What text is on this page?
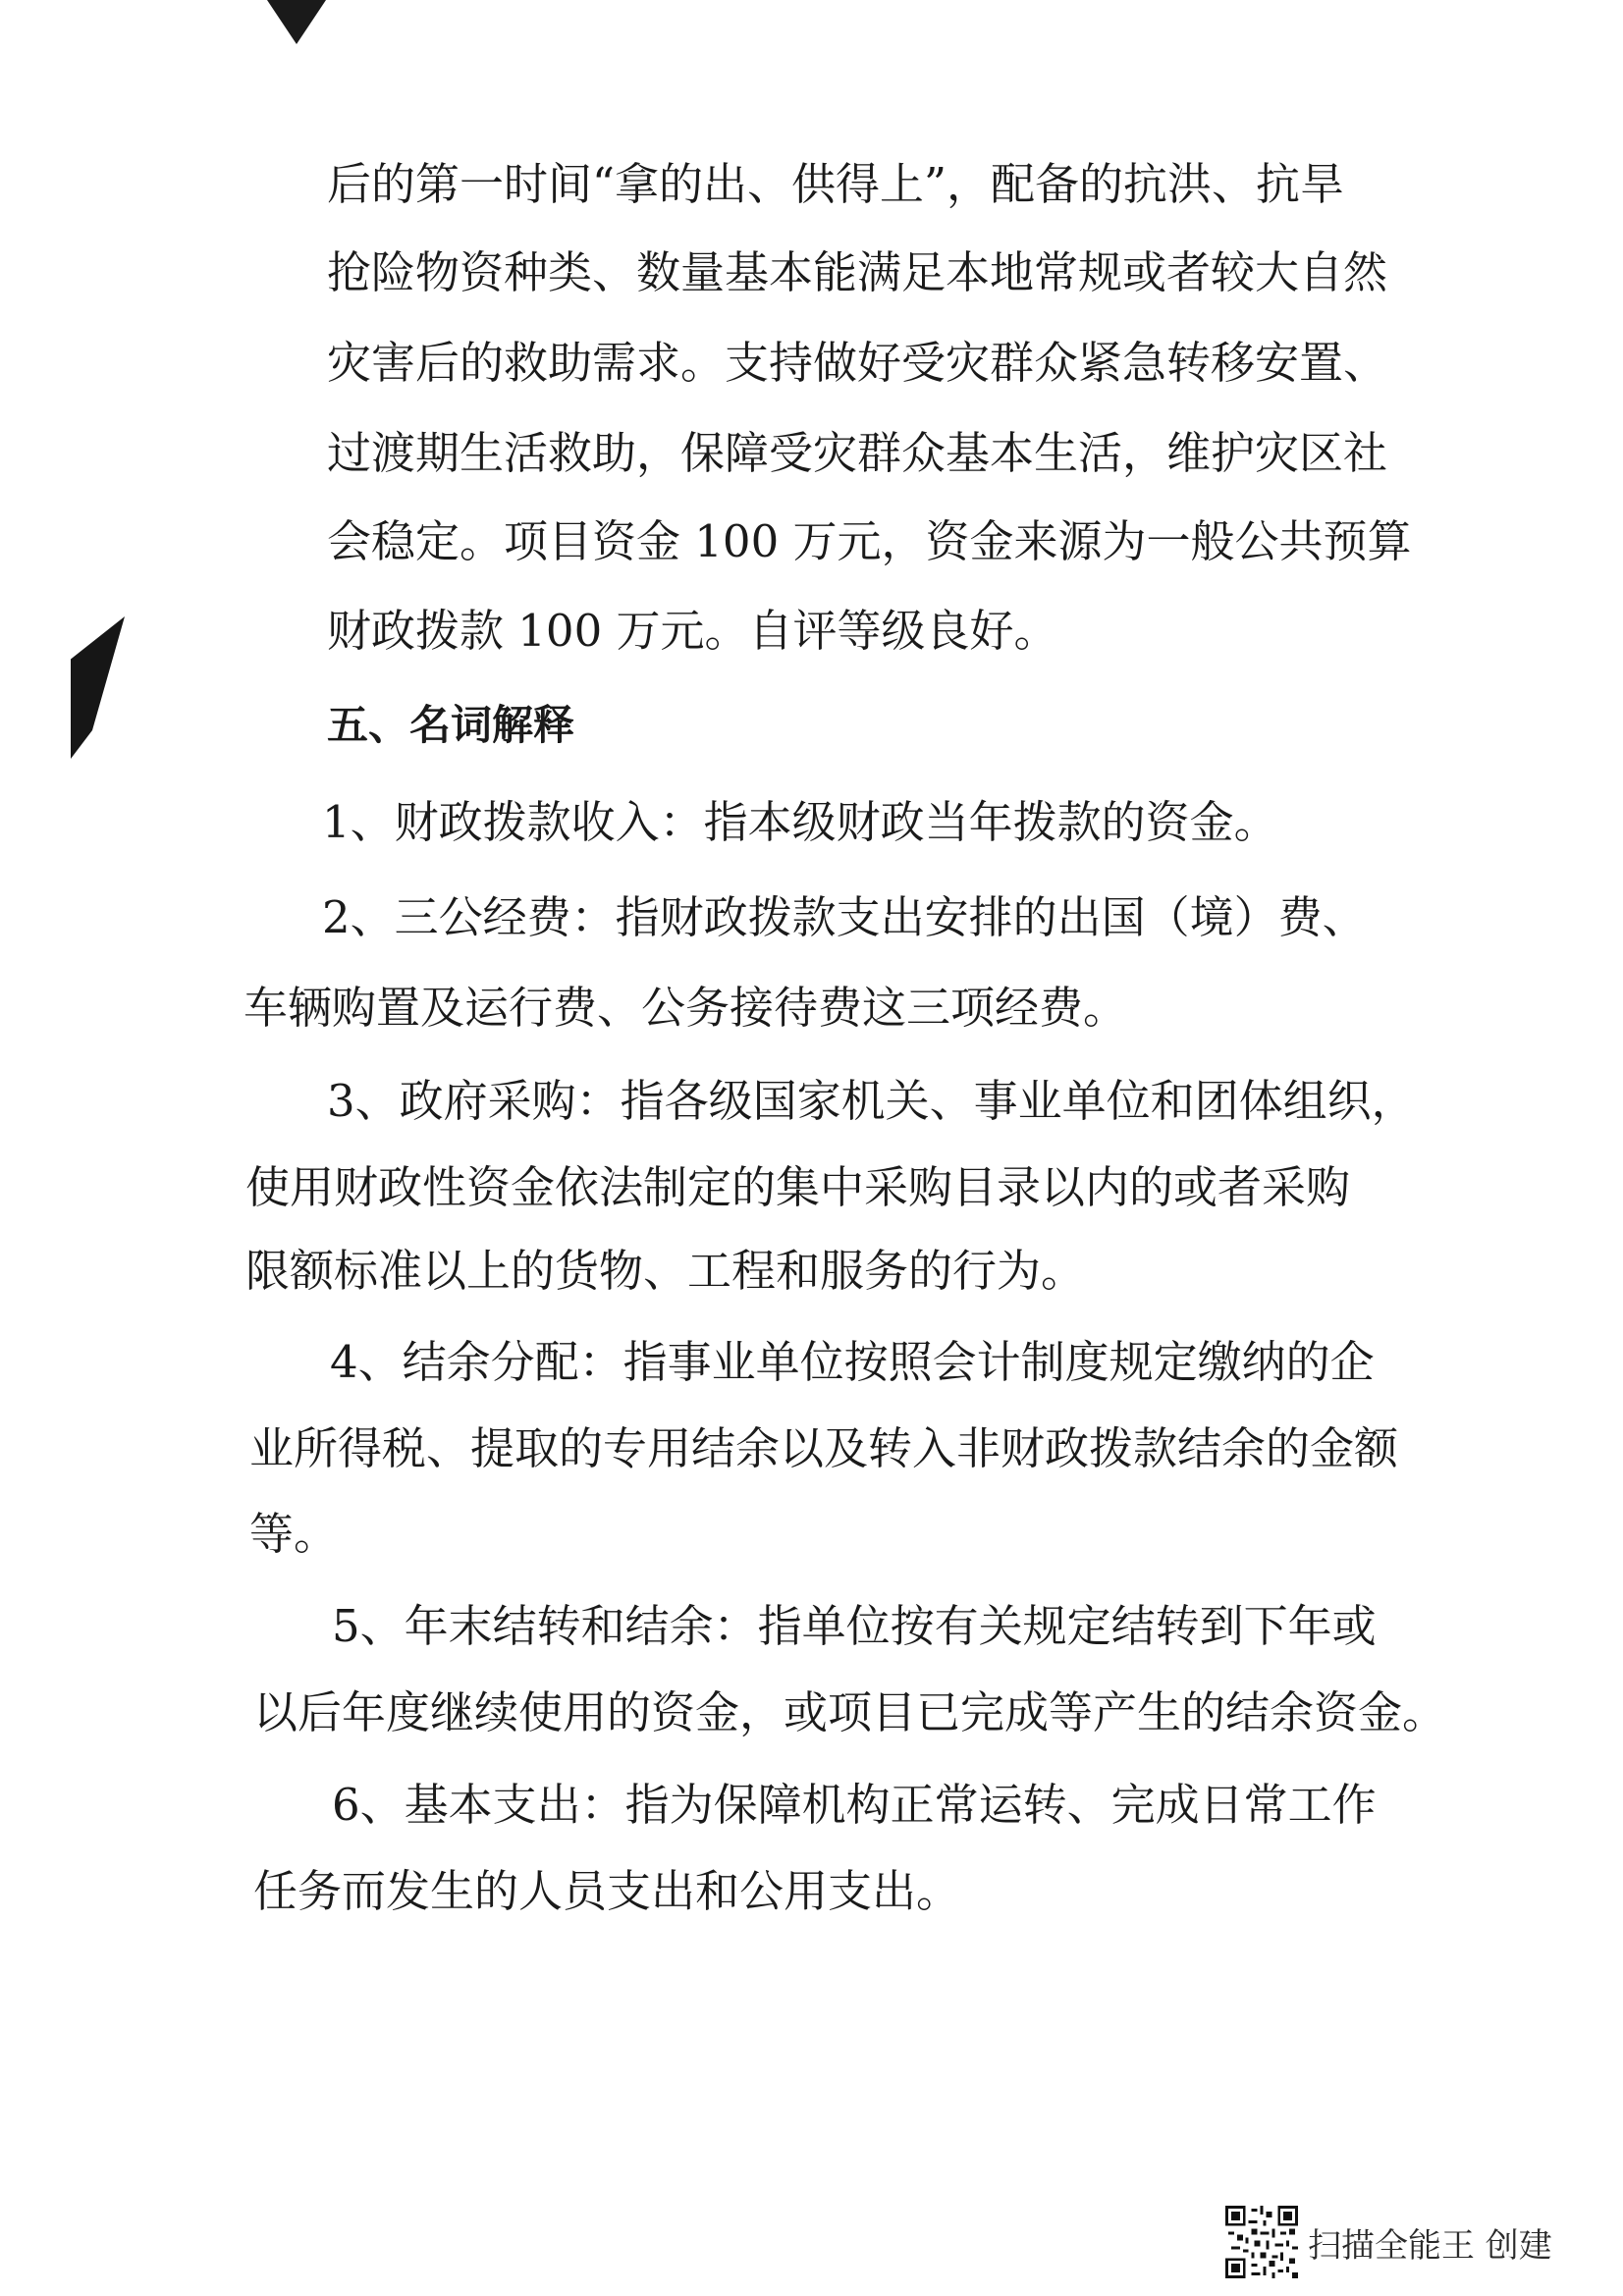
后的第一时间“拿的出、供得上”，配备的抗洪、抗旱
抢险物资种类、数量基本能满足本地常规或者较大自然
灾害后的救助需求。支持做好受灾群众紧急转移安置、
过渡期生活救助，保障受灾群众基本生活，维护灾区社
会稳定。项目资金 100 万元，资金来源为一般公共预算
财政拨款 100 万元。自评等级良好。
五、名词解释
1、财政拨款收入：指本级财政当年拨款的资金。
2、三公经费：指财政拨款支出安排的出国（境）费、
车辆购置及运行费、公务接待费这三项经费。
3、政府采购：指各级国家机关、事业单位和团体组织，
使用财政性资金依法制定的集中采购目录以内的或者采购
限额标准以上的货物、工程和服务的行为。
4、结余分配：指事业单位按照会计制度规定缴纳的企
业所得税、提取的专用结余以及转入非财政拨款结余的金额
等。
5、年末结转和结余：指单位按有关规定结转到下年或
以后年度继续使用的资金，或项目已完成等产生的结余资金。
6、基本支出：指为保障机构正常运转、完成日常工作
任务而发生的人员支出和公用支出。
扫描全能王 创建
